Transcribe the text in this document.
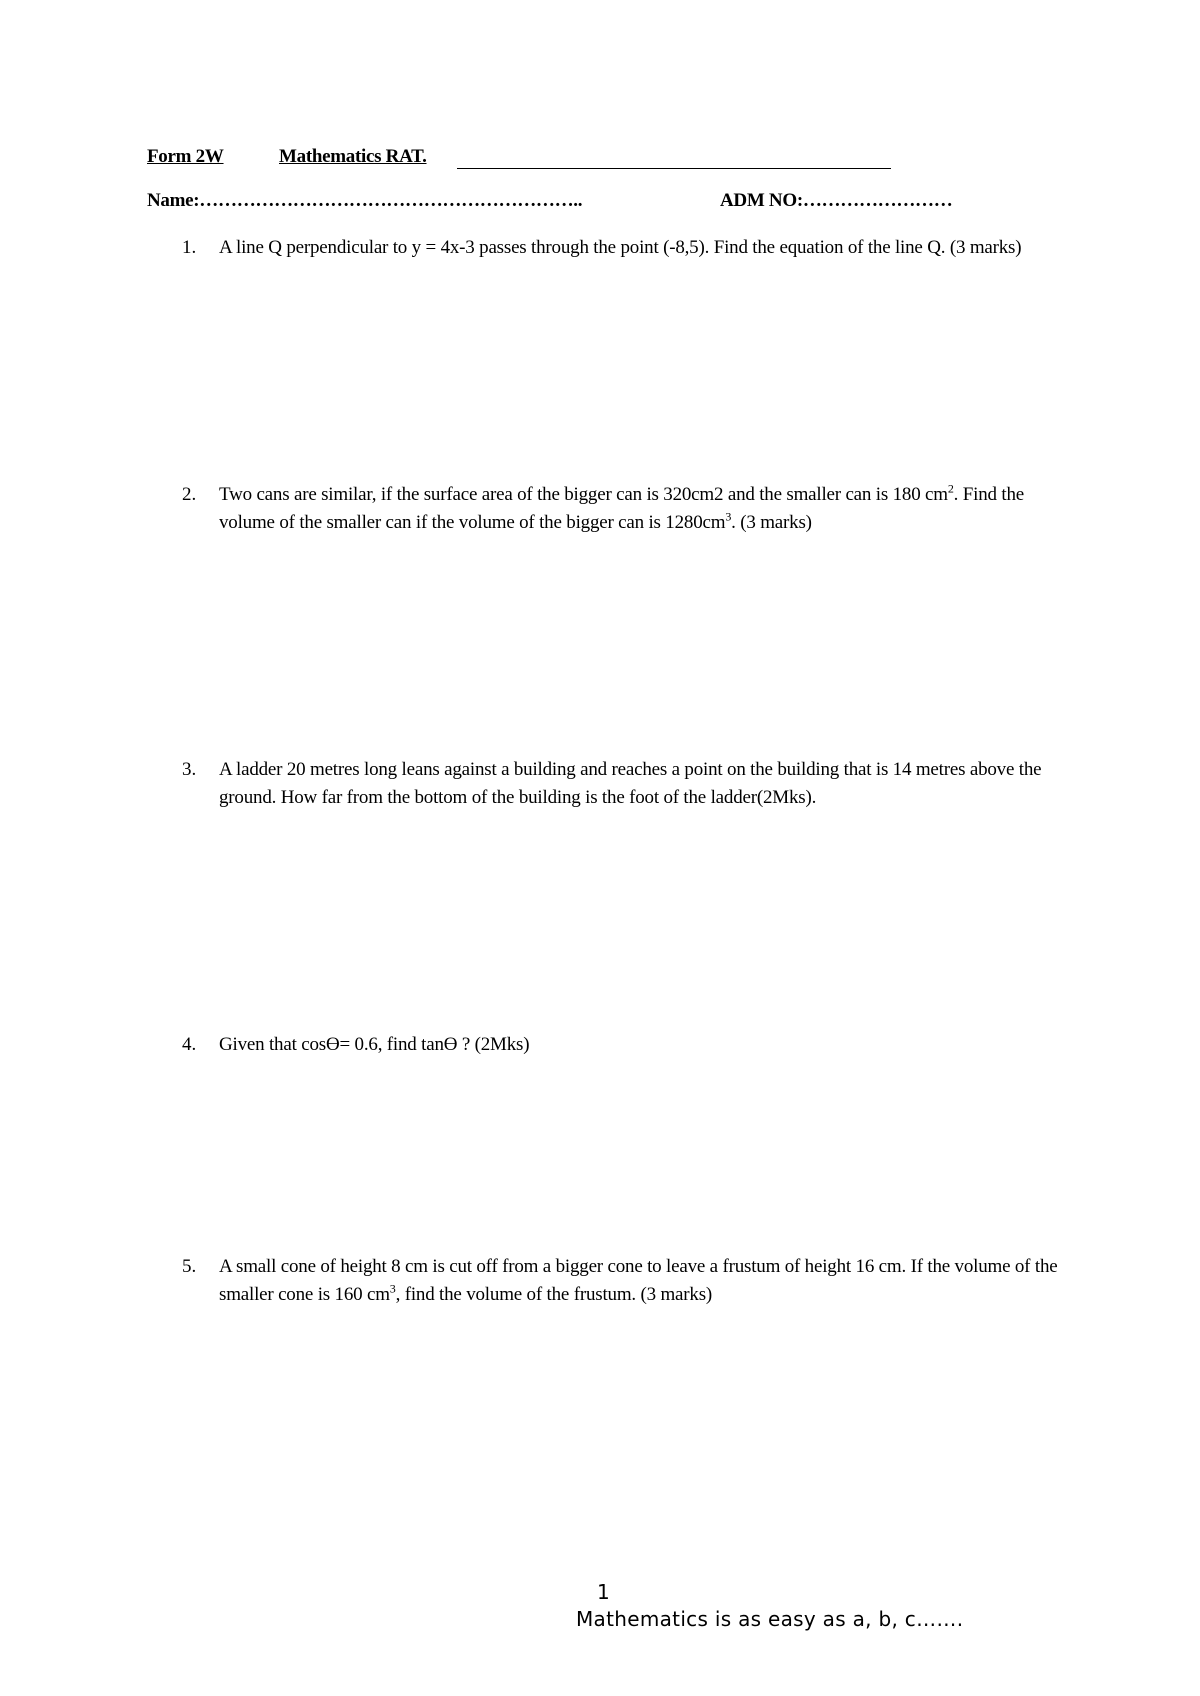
Form 2W	Mathematics RAT.
Name:……………………………………………………..	ADM NO:……………………
1.	A line Q perpendicular to y = 4x-3 passes through the point (-8,5). Find the equation of the line Q. (3 marks)
2.	Two cans are similar, if the surface area of the bigger can is 320cm2 and the smaller can is 180 $cm^2$. Find the volume of the smaller can if the volume of the bigger can is $1280cm^3$. (3 marks)
3.	A ladder 20 metres long leans against a building and reaches a point on the building that is 14 metres above the ground. How far from the bottom of the building is the foot of the ladder(2Mks).
4.	Given that cosϴ= 0.6, find tanϴ ? (2Mks)
5.	A small cone of height 8 cm is cut off from a bigger cone to leave a frustum of height 16 cm. If the volume of the smaller cone is 160 $cm^3$, find the volume of the frustum. (3 marks)
1
Mathematics is as easy as a, b, c…….
